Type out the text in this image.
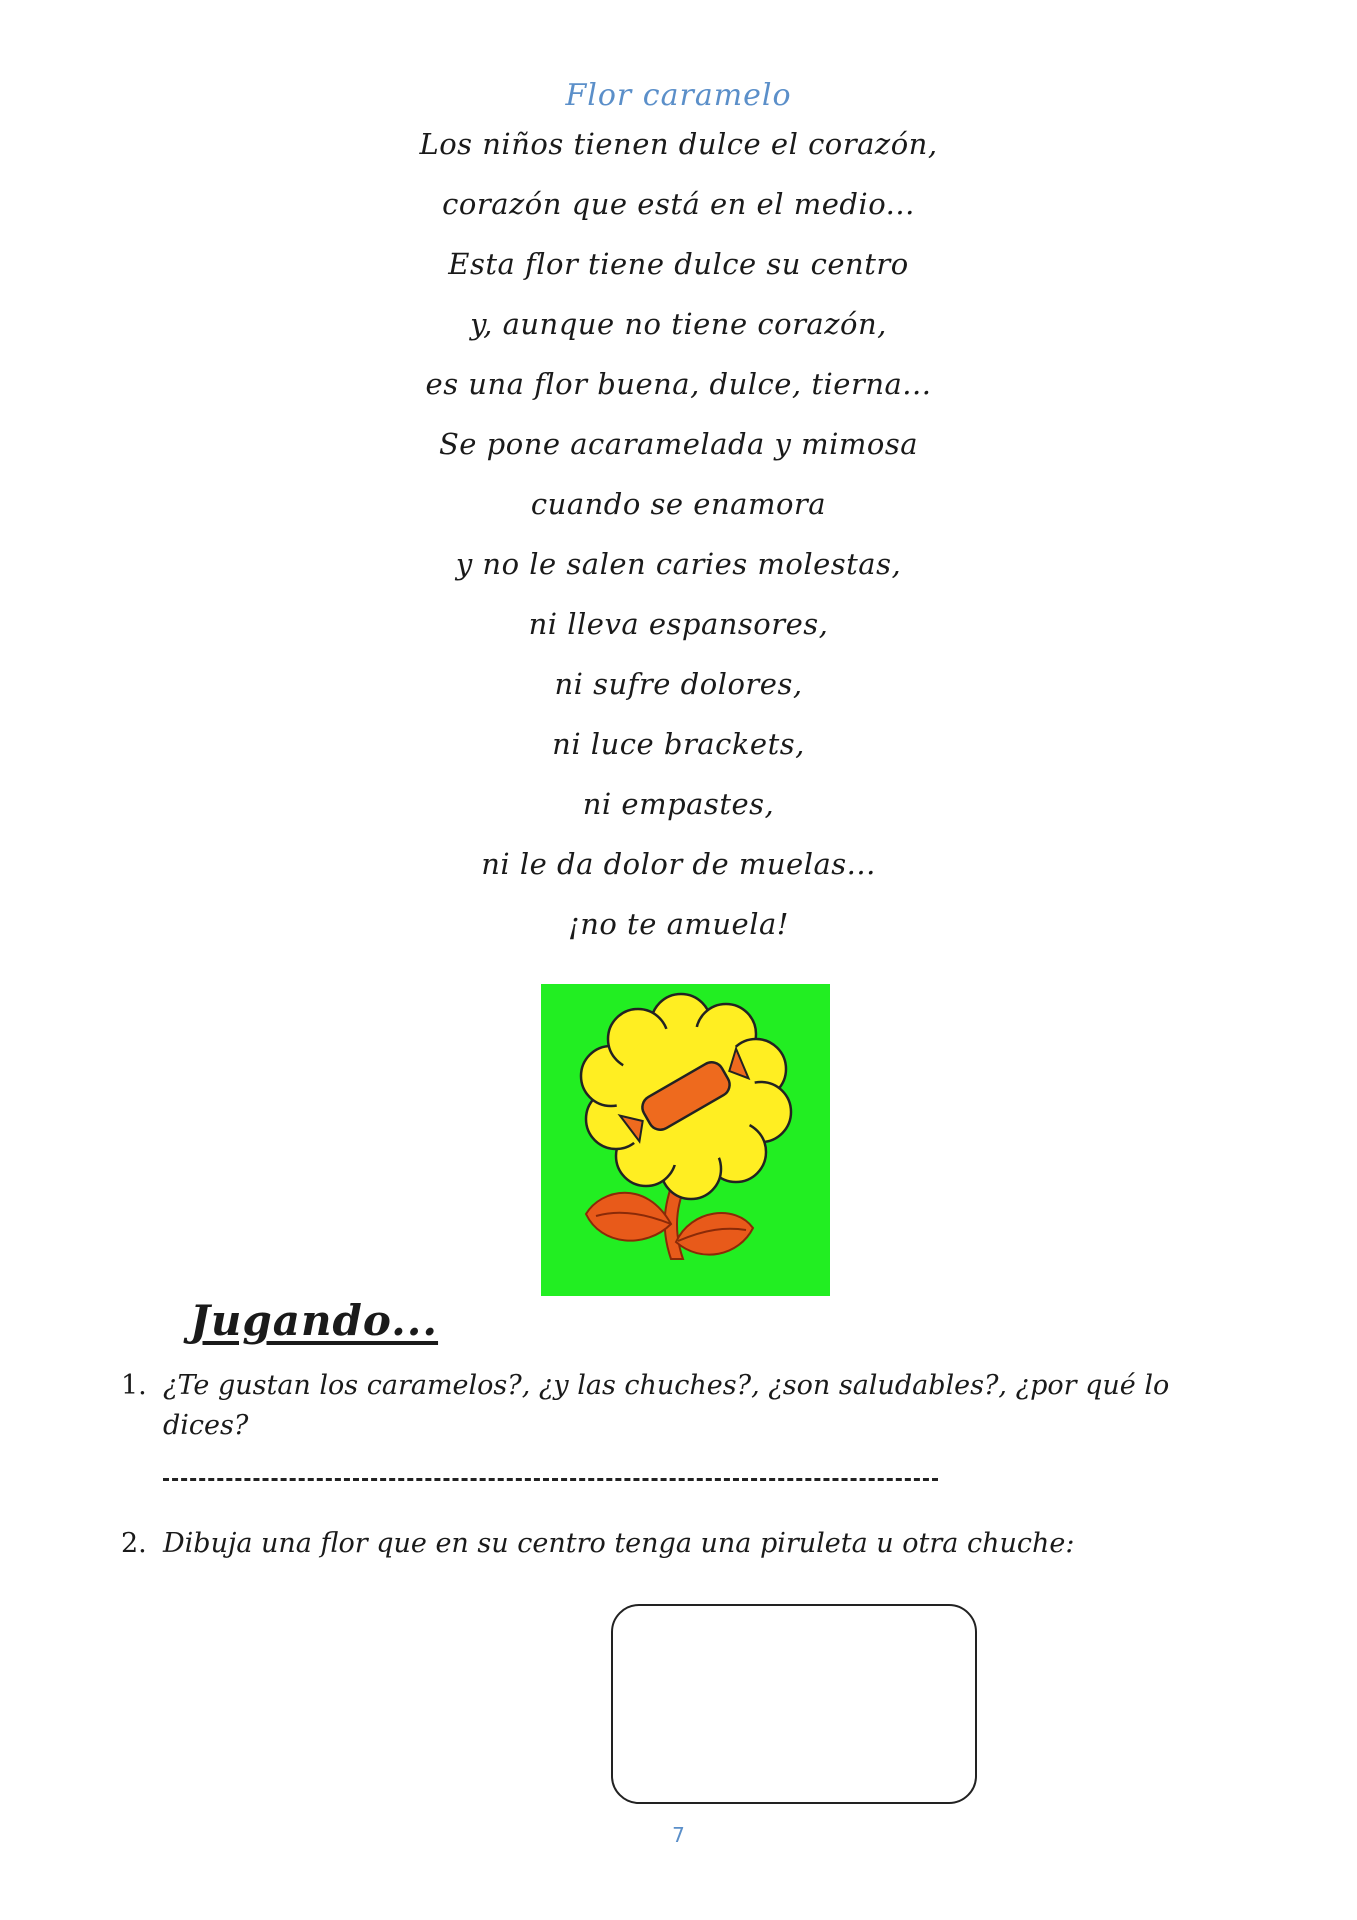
Flor caramelo
Los niños tienen dulce el corazón,
corazón que está en el medio...
Esta flor tiene dulce su centro
y, aunque no tiene corazón,
es una flor buena, dulce, tierna...
Se pone acaramelada y mimosa
cuando se enamora
y no le salen caries molestas,
ni lleva espansores,
ni sufre dolores,
ni luce brackets,
ni empastes,
ni le da dolor de muelas...
¡no te amuela!
Jugando...
1. ¿Te gustan los caramelos?, ¿y las chuches?, ¿son saludables?, ¿por qué lo dices?
2. Dibuja una flor que en su centro tenga una piruleta u otra chuche:
7
